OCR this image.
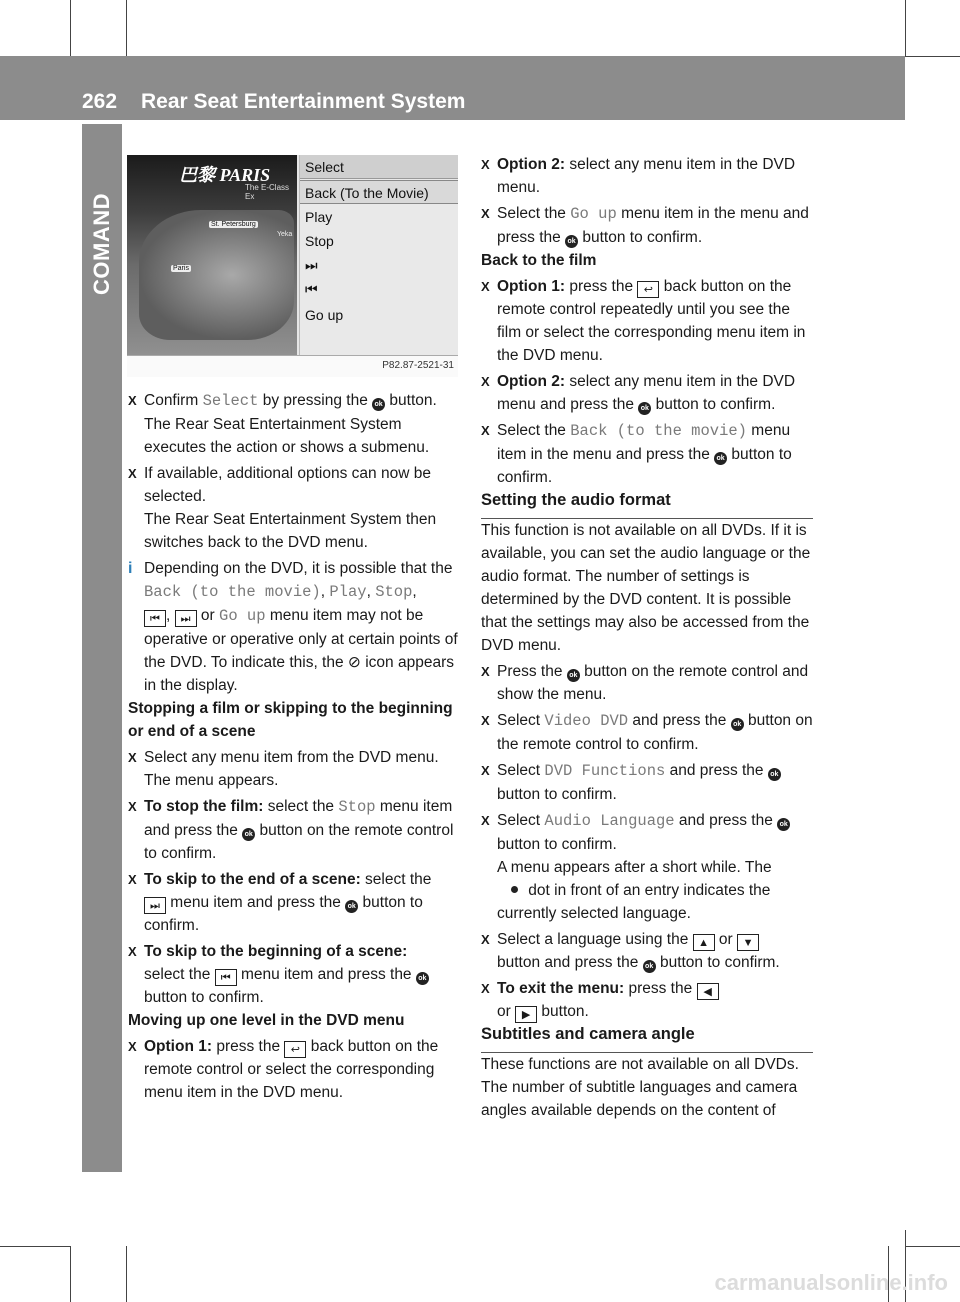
262 Rear Seat Entertainment System
COMAND
巴黎 PARIS
The E-Class Ex
St. Petersburg
Yeka
Paris
Select
Back (To the Movie)
Play
Stop
⏭
⏮
Go up
P82.87-2521-31

X Confirm Select by pressing the ok button.
The Rear Seat Entertainment System executes the action or shows a submenu.

X If available, additional options can now be selected.
The Rear Seat Entertainment System then switches back to the DVD menu.

i Depending on the DVD, it is possible that the Back (to the movie), Play, Stop,
⏮ , ⏭ or Go up menu item may not be operative or operative only at certain points of the DVD. To indicate this, the ⊘ icon appears in the display.

Stopping a film or skipping to the beginning or end of a scene

X Select any menu item from the DVD menu.
The menu appears.

X To stop the film: select the Stop menu item and press the ok button on the remote control to confirm.

X To skip to the end of a scene: select the
⏭ menu item and press the ok button to confirm.

X To skip to the beginning of a scene:
select the ⏮ menu item and press the ok button to confirm.

Moving up one level in the DVD menu

X Option 1: press the ↩ back button on the remote control or select the corresponding menu item in the DVD menu.

X Option 2: select any menu item in the DVD menu.

X Select the Go up menu item in the menu and press the ok button to confirm.

Back to the film

X Option 1: press the ↩ back button on the remote control repeatedly until you see the film or select the corresponding menu item in the DVD menu.

X Option 2: select any menu item in the DVD menu and press the ok button to confirm.

X Select the Back (to the movie) menu item in the menu and press the ok button to confirm.

Setting the audio format

This function is not available on all DVDs. If it is available, you can set the audio language or the audio format. The number of settings is determined by the DVD content. It is possible that the settings may also be accessed from the DVD menu.

X Press the ok button on the remote control and show the menu.

X Select Video DVD and press the ok button on the remote control to confirm.

X Select DVD Functions and press the ok
button to confirm.

X Select Audio Language and press the ok
button to confirm.
A menu appears after a short while. The
dot in front of an entry indicates the currently selected language.

X Select a language using the ▲ or ▼
button and press the ok button to confirm.

X To exit the menu: press the ◀
or ▶ button.

Subtitles and camera angle

These functions are not available on all DVDs. The number of subtitle languages and camera angles available depends on the content of

carmanualsonline.info
